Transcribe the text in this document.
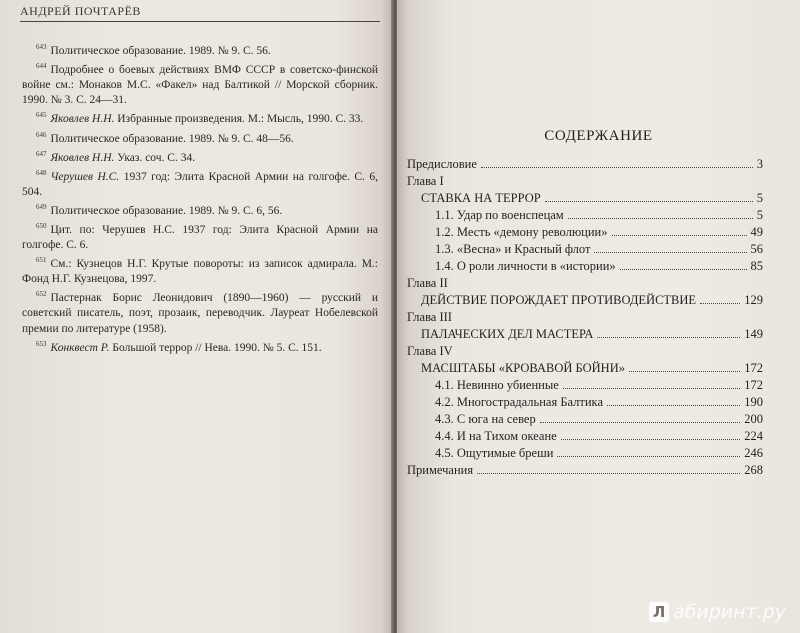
АНДРЕЙ ПОЧТАРЁВ

$^{643}$ Политическое образование. 1989. № 9. С. 56.

$^{644}$ Подробнее о боевых действиях ВМФ СССР в советско-финской войне см.: Монаков М.С. «Факел» над Балтикой // Морской сборник. 1990. № 3. С. 24—31.

$^{645}$ Яковлев Н.Н. Избранные произведения. М.: Мысль, 1990. С. 33.

$^{646}$ Политическое образование. 1989. № 9. С. 48—56.

$^{647}$ Яковлев Н.Н. Указ. соч. С. 34.

$^{648}$ Черушев Н.С. 1937 год: Элита Красной Армии на голгофе. С. 6, 504.

$^{649}$ Политическое образование. 1989. № 9. С. 6, 56.

$^{650}$ Цит. по: Черушев Н.С. 1937 год: Элита Красной Армии на голгофе. С. 6.

$^{651}$ См.: Кузнецов Н.Г. Крутые повороты: из записок адмирала. М.: Фонд Н.Г. Кузнецова, 1997.

$^{652}$ Пастернак Борис Леонидович (1890—1960) — русский и советский писатель, поэт, прозаик, переводчик. Лауреат Нобелевской премии по литературе (1958).

$^{653}$ Конквест Р. Большой террор // Нева. 1990. № 5. С. 151.

СОДЕРЖАНИЕ
Предисловие	3
Глава I
СТАВКА НА ТЕРРОР	5
1.1. Удар по военспецам	5
1.2. Месть «демону революции»	49
1.3. «Весна» и Красный флот	56
1.4. О роли личности в «истории»	85
Глава II
ДЕЙСТВИЕ ПОРОЖДАЕТ ПРОТИВОДЕЙСТВИЕ	129
Глава III
ПАЛАЧЕСКИХ ДЕЛ МАСТЕРА	149
Глава IV
МАСШТАБЫ «КРОВАВОЙ БОЙНИ»	172
4.1. Невинно убиенные	172
4.2. Многострадальная Балтика	190
4.3. С юга на север	200
4.4. И на Тихом океане	224
4.5. Ощутимые бреши	246
Примечания	268
Л абиринт.ру
